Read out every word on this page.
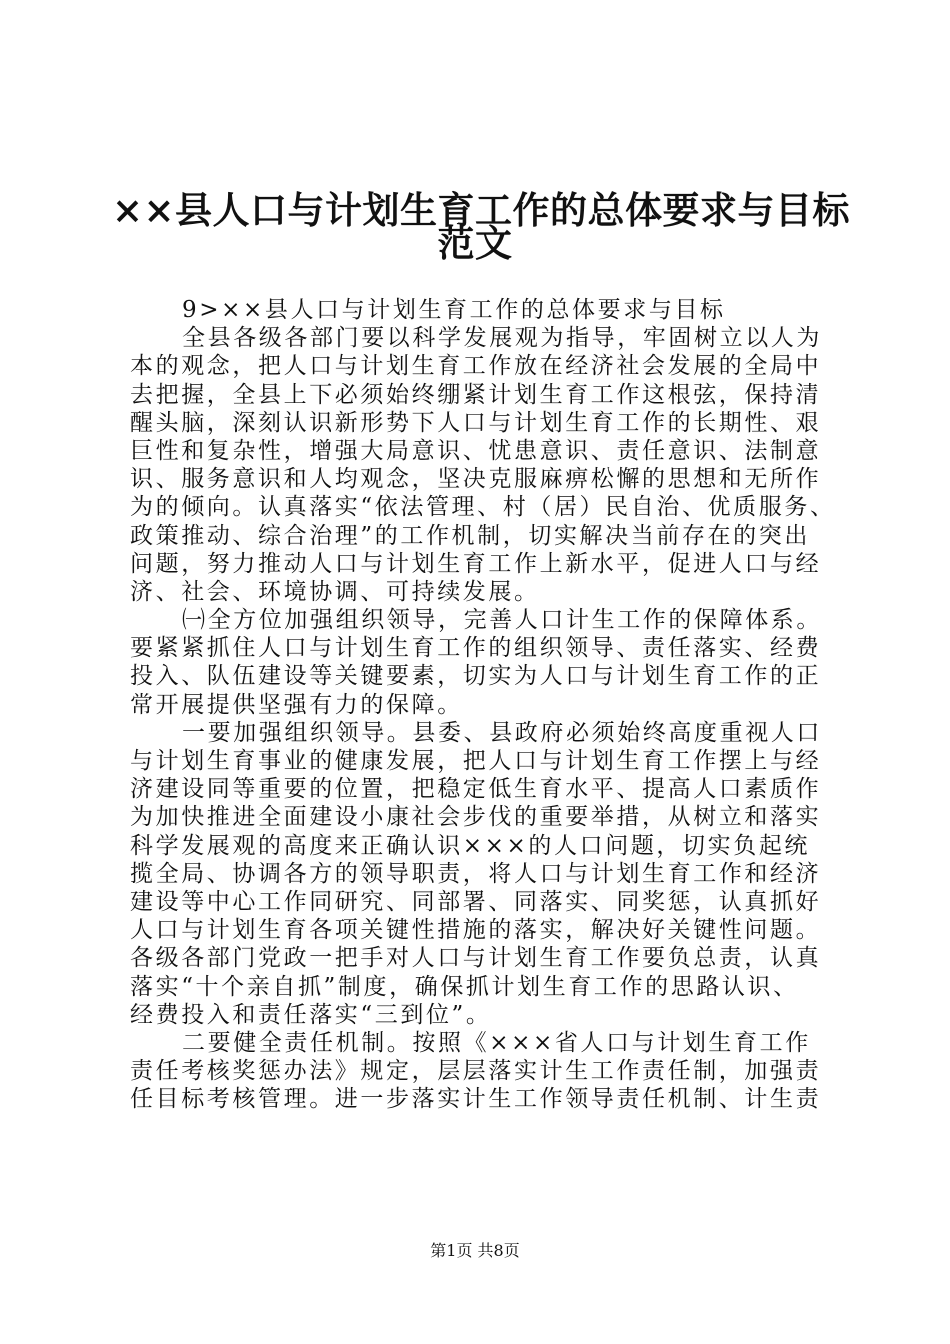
××县人口与计划生育工作的总体要求与目标
范文
9>××县人口与计划生育工作的总体要求与目标
全县各级各部门要以科学发展观为指导，牢固树立以人为
本的观念，把人口与计划生育工作放在经济社会发展的全局中
去把握，全县上下必须始终绷紧计划生育工作这根弦，保持清
醒头脑，深刻认识新形势下人口与计划生育工作的长期性、艰
巨性和复杂性，增强大局意识、忧患意识、责任意识、法制意
识、服务意识和人均观念，坚决克服麻痹松懈的思想和无所作
为的倾向。认真落实“依法管理、村（居）民自治、优质服务、
政策推动、综合治理”的工作机制，切实解决当前存在的突出
问题，努力推动人口与计划生育工作上新水平，促进人口与经
济、社会、环境协调、可持续发展。
㈠全方位加强组织领导，完善人口计生工作的保障体系。
要紧紧抓住人口与计划生育工作的组织领导、责任落实、经费
投入、队伍建设等关键要素，切实为人口与计划生育工作的正
常开展提供坚强有力的保障。
一要加强组织领导。县委、县政府必须始终高度重视人口
与计划生育事业的健康发展，把人口与计划生育工作摆上与经
济建设同等重要的位置，把稳定低生育水平、提高人口素质作
为加快推进全面建设小康社会步伐的重要举措，从树立和落实
科学发展观的高度来正确认识×××的人口问题，切实负起统
揽全局、协调各方的领导职责，将人口与计划生育工作和经济
建设等中心工作同研究、同部署、同落实、同奖惩，认真抓好
人口与计划生育各项关键性措施的落实，解决好关键性问题。
各级各部门党政一把手对人口与计划生育工作要负总责，认真
落实“十个亲自抓”制度，确保抓计划生育工作的思路认识、
经费投入和责任落实“三到位”。
二要健全责任机制。按照《×××省人口与计划生育工作
责任考核奖惩办法》规定，层层落实计生工作责任制，加强责
任目标考核管理。进一步落实计生工作领导责任机制、计生责
第1页 共8页
